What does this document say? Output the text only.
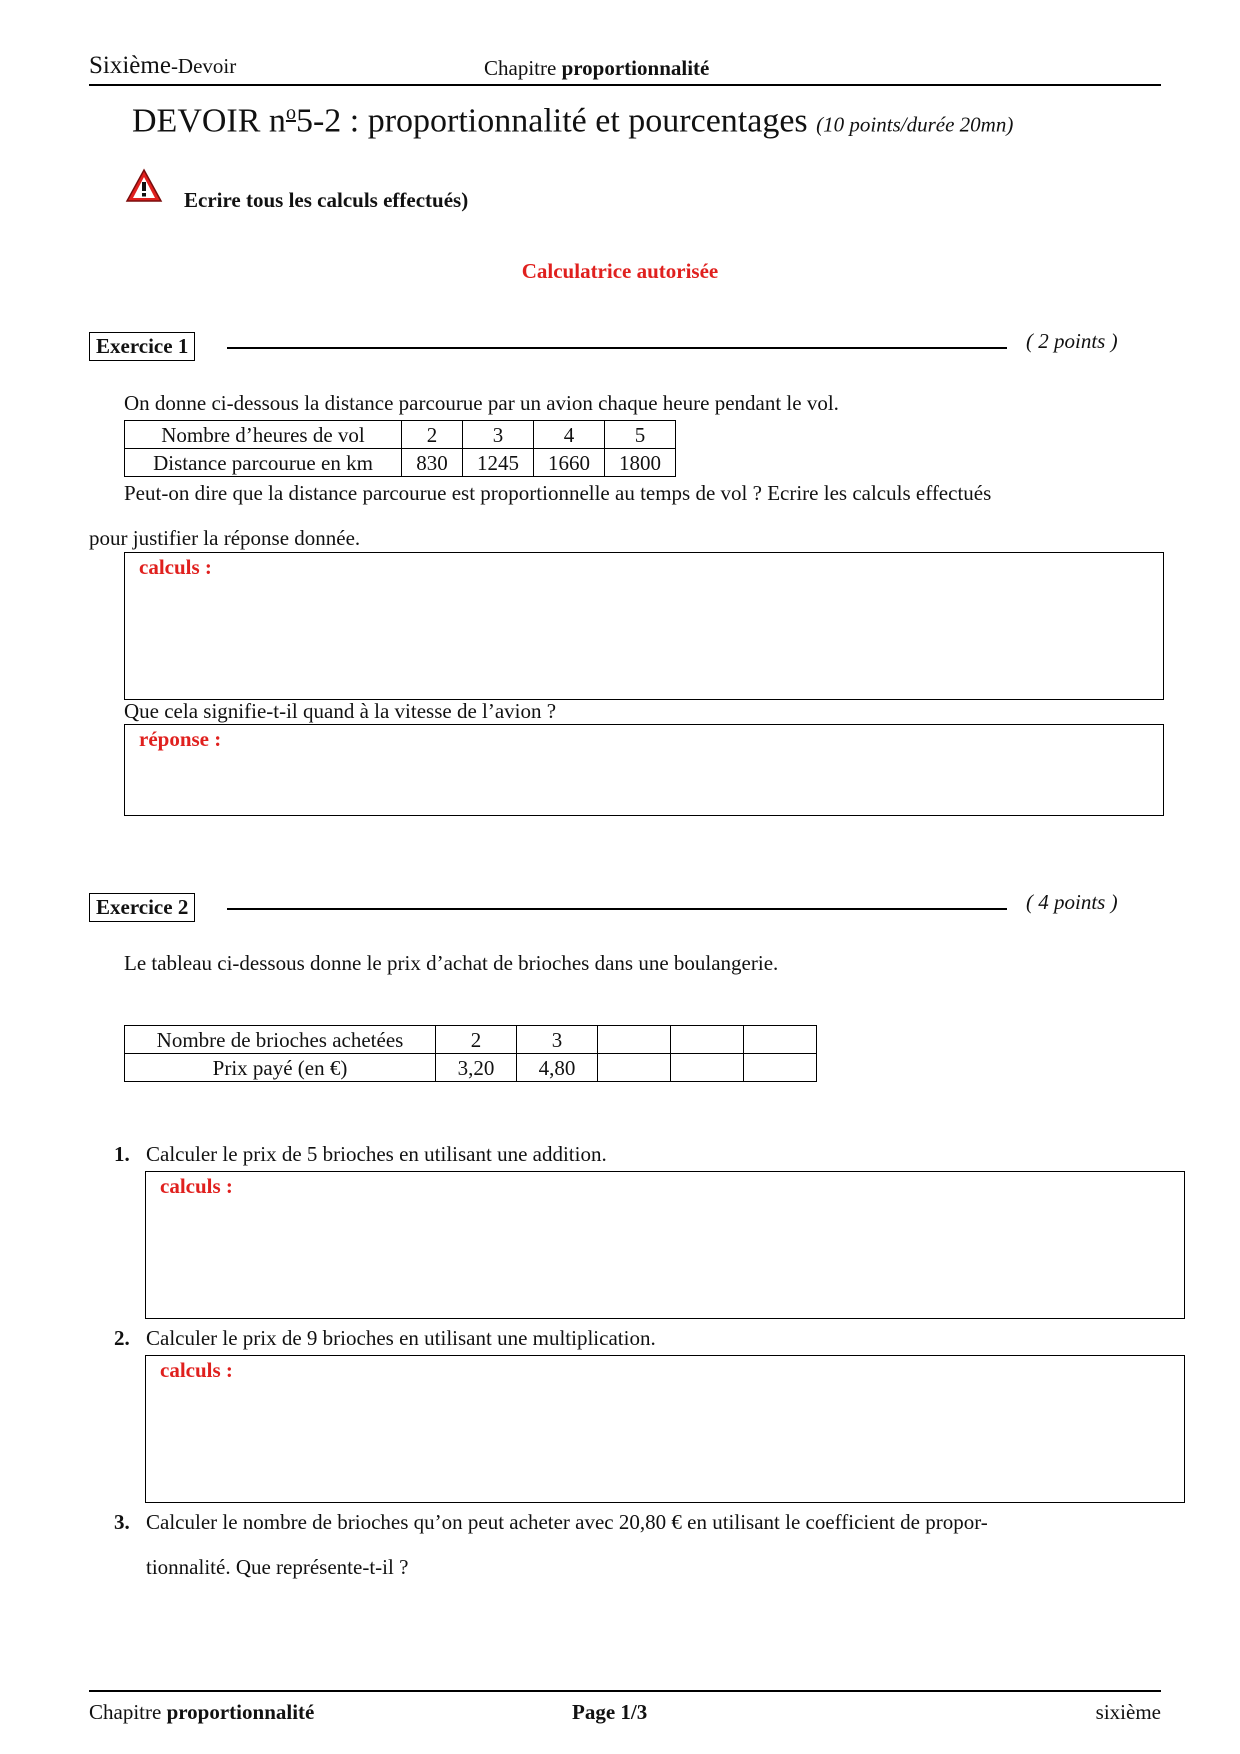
Sixième-Devoir	Chapitre proportionnalité
DEVOIR $n^o5-2$ : proportionnalité et pourcentages (10 points/durée 20mn)
Ecrire tous les calculs effectués)
Calculatrice autorisée
Exercice 1	( 2 points )
On donne ci-dessous la distance parcourue par un avion chaque heure pendant le vol.
Nombre d’heures de vol	2	3	4	5
Distance parcourue en km	830	1245	1660	1800
Peut-on dire que la distance parcourue est proportionnelle au temps de vol ? Ecrire les calculs effectués
pour justifier la réponse donnée.
calculs :
Que cela signifie-t-il quand à la vitesse de l’avion ?
réponse :
Exercice 2	( 4 points )
Le tableau ci-dessous donne le prix d’achat de brioches dans une boulangerie.
Nombre de brioches achetées	2	3			
Prix payé (en €)	3,20	4,80			
1. Calculer le prix de 5 brioches en utilisant une addition.
calculs :
2. Calculer le prix de 9 brioches en utilisant une multiplication.
calculs :
3. Calculer le nombre de brioches qu’on peut acheter avec 20,80 € en utilisant le coefficient de propor-
tionnalité. Que représente-t-il ?
Chapitre proportionnalité	Page 1/3	sixième
